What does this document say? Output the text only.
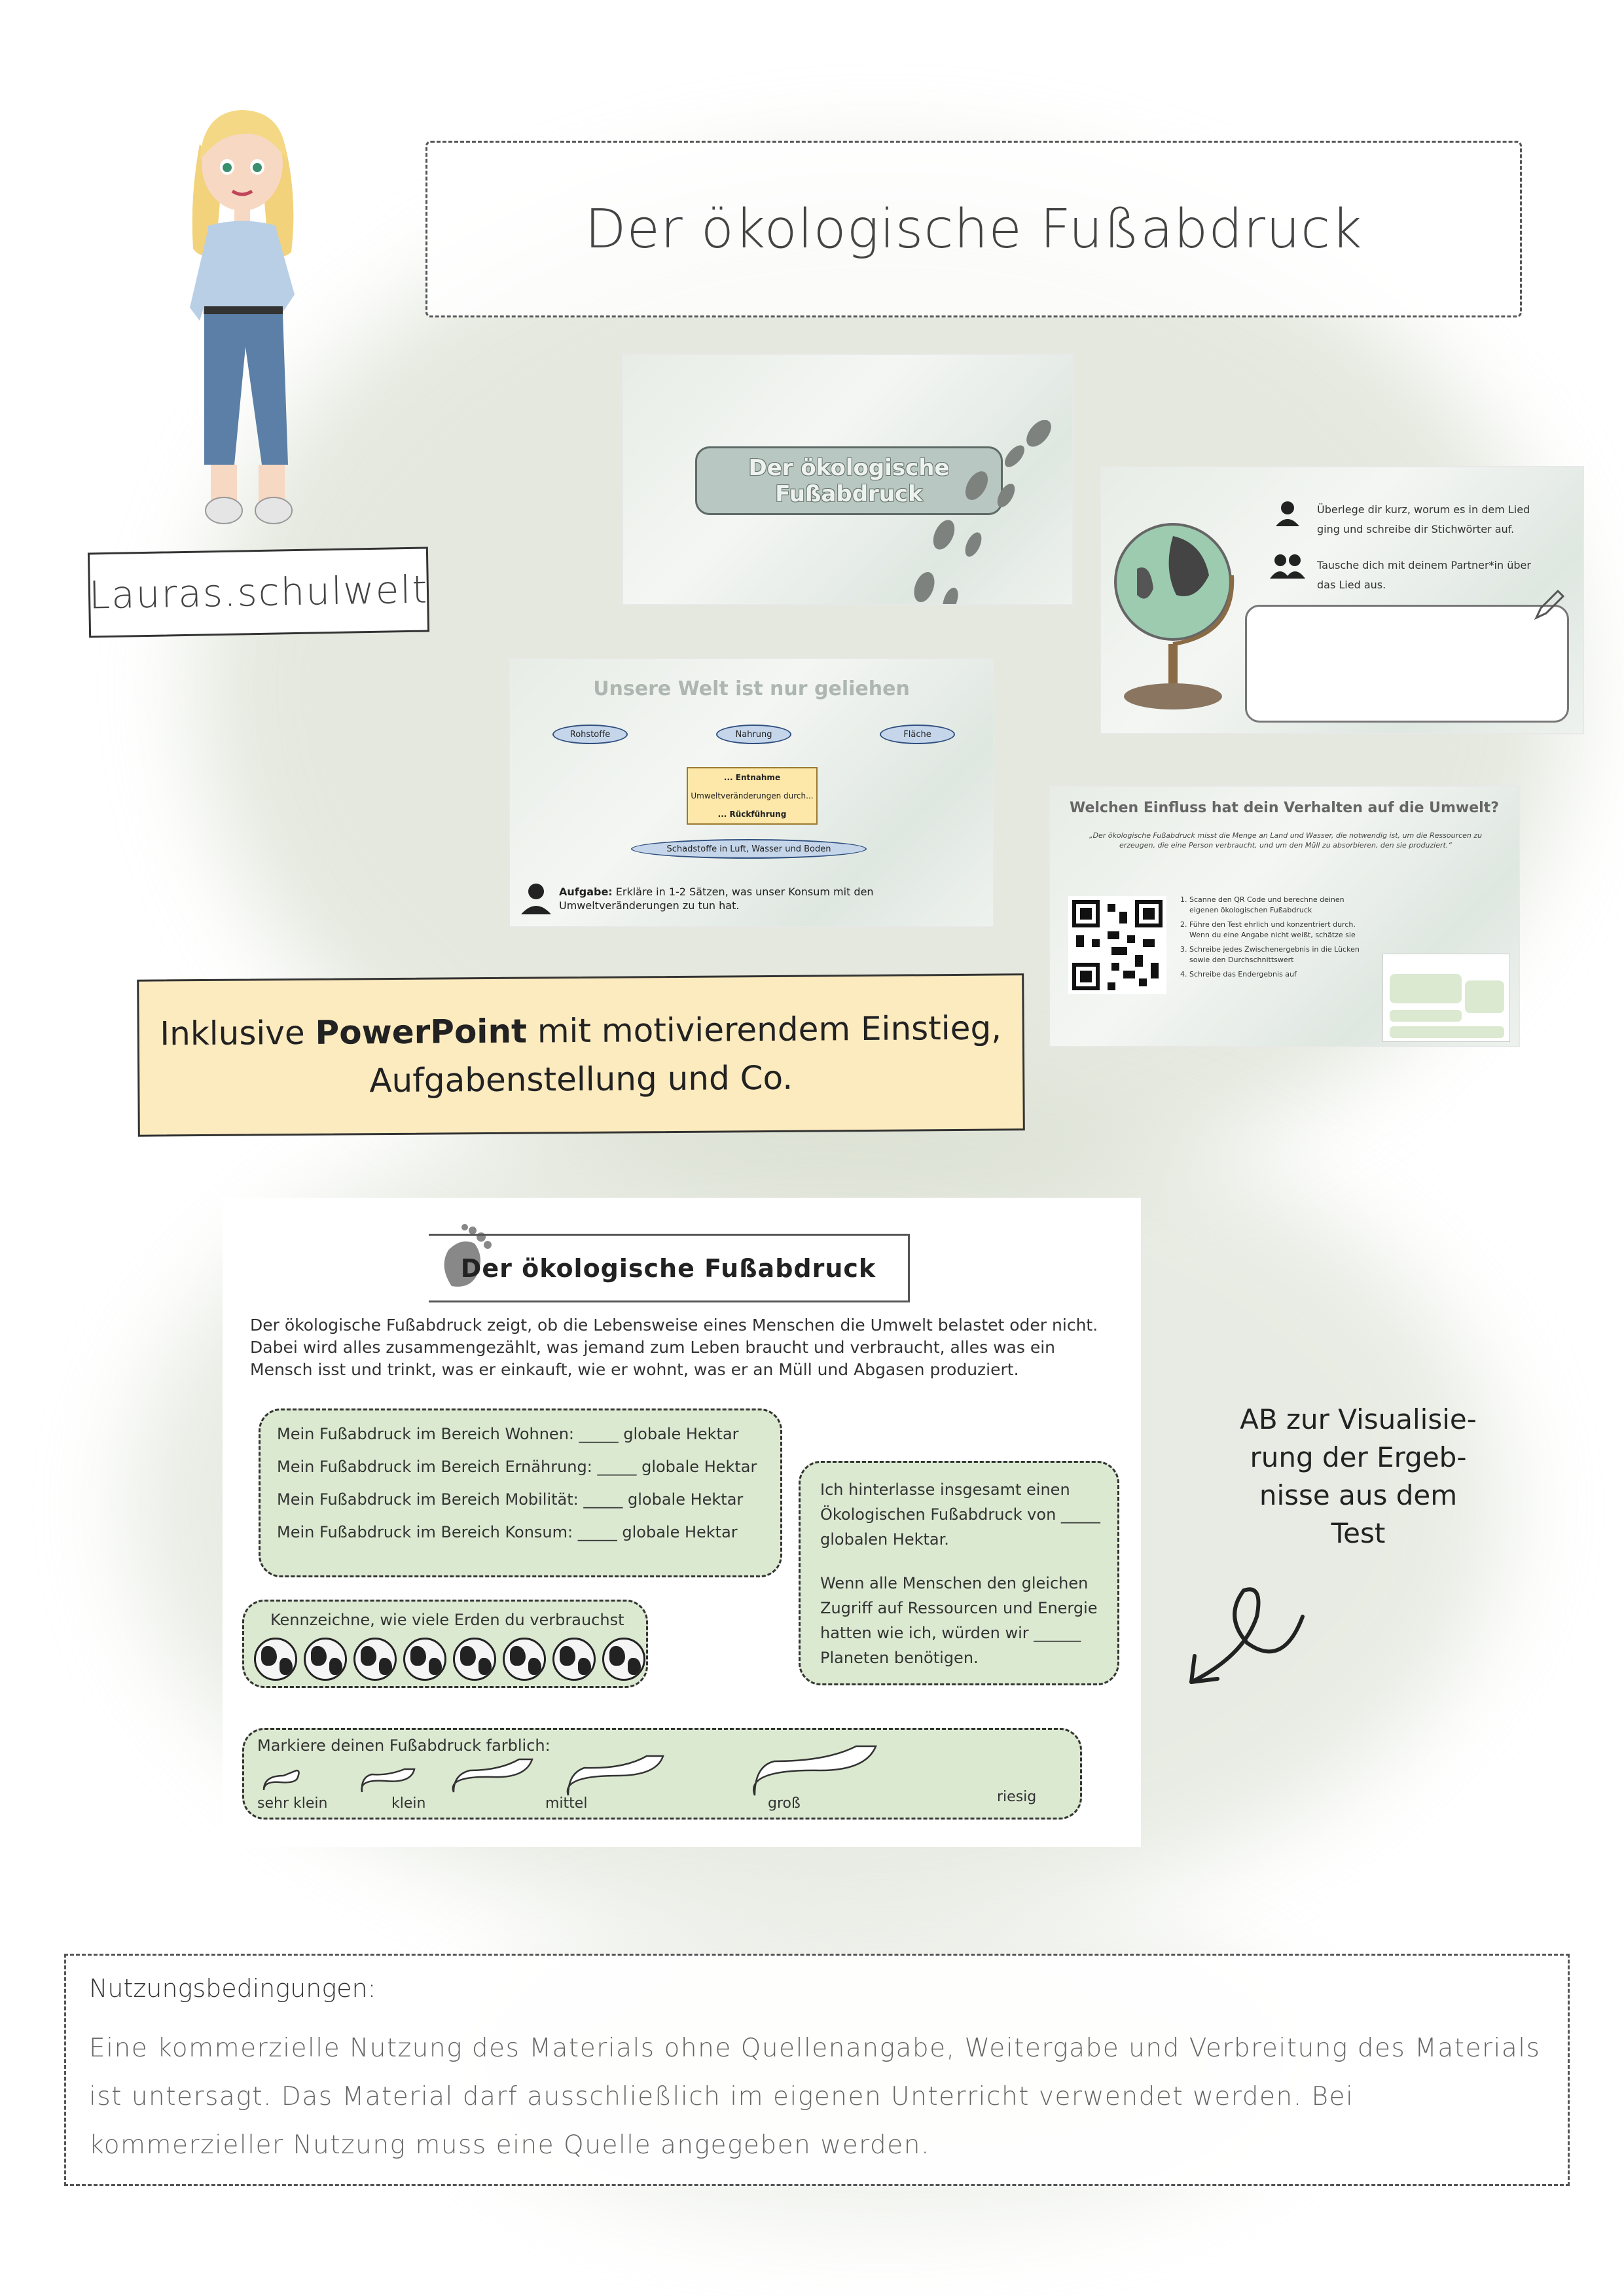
Der ökologische Fußabdruck
Lauras.schulwelt
Der ökologische
Fußabdruck
Überlege dir kurz, worum es in dem Lied
ging und schreibe dir Stichwörter auf.
Tausche dich mit deinem Partner*in über
das Lied aus.
Unsere Welt ist nur geliehen
Rohstoffe	Nahrung	Fläche
... Entnahme
Umweltveränderungen durch...
... Rückführung
Schadstoffe in Luft, Wasser und Boden
Aufgabe: Erkläre in 1-2 Sätzen, was unser Konsum mit den Umweltveränderungen zu tun hat.
Welchen Einfluss hat dein Verhalten auf die Umwelt?
„Der ökologische Fußabdruck misst die Menge an Land und Wasser, die notwendig ist, um die Ressourcen zu erzeugen, die eine Person verbraucht, und um den Müll zu absorbieren, den sie produziert.“
1. Scanne den QR Code und berechne deinen eigenen ökologischen Fußabdruck
2. Führe den Test ehrlich und konzentriert durch. Wenn du eine Angabe nicht weißt, schätze sie
3. Schreibe jedes Zwischenergebnis in die Lücken sowie den Durchschnittswert
4. Schreibe das Endergebnis auf
Inklusive PowerPoint mit motivierendem Einstieg,
Aufgabenstellung und Co.
Der ökologische Fußabdruck
Der ökologische Fußabdruck zeigt, ob die Lebensweise eines Menschen die Umwelt belastet oder nicht. Dabei wird alles zusammengezählt, was jemand zum Leben braucht und verbraucht, alles was ein Mensch isst und trinkt, was er einkauft, wie er wohnt, was er an Müll und Abgasen produziert.
Mein Fußabdruck im Bereich Wohnen: _____ globale Hektar
Mein Fußabdruck im Bereich Ernährung: _____ globale Hektar
Mein Fußabdruck im Bereich Mobilität: _____ globale Hektar
Mein Fußabdruck im Bereich Konsum: _____ globale Hektar
Ich hinterlasse insgesamt einen Ökologischen Fußabdruck von _____ globalen Hektar.
Wenn alle Menschen den gleichen Zugriff auf Ressourcen und Energie hatten wie ich, würden wir ______ Planeten benötigen.
Kennzeichne, wie viele Erden du verbrauchst
Markiere deinen Fußabdruck farblich:
sehr klein	klein	mittel	groß	riesig
AB zur Visualisie-
rung der Ergeb-
nisse aus dem
Test
Nutzungsbedingungen:
Eine kommerzielle Nutzung des Materials ohne Quellenangabe, Weitergabe und Verbreitung des Materials ist untersagt. Das Material darf ausschließlich im eigenen Unterricht verwendet werden. Bei kommerzieller Nutzung muss eine Quelle angegeben werden.
